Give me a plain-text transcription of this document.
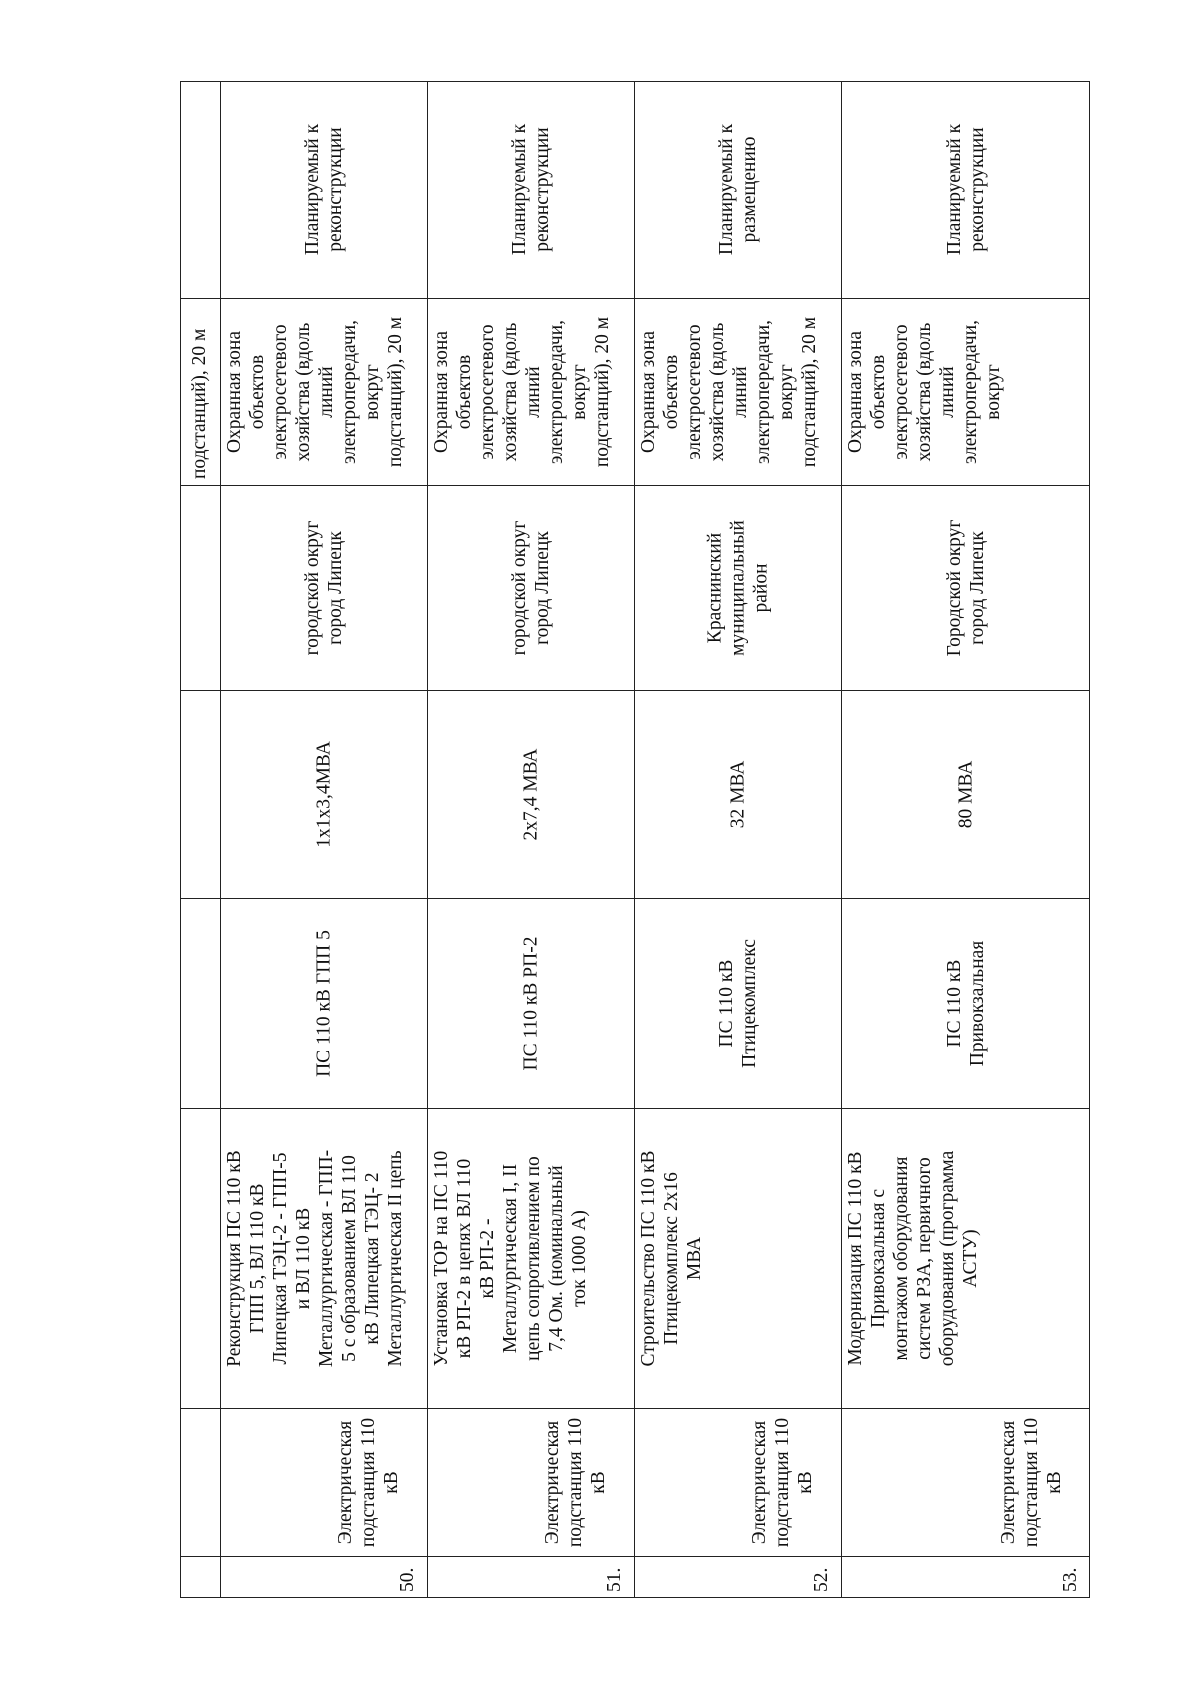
подстанций), 20 м
50.
Электрическая подстанция 110 кВ
Реконструкция ПС 110 кВ ГПП 5, ВЛ 110 кВ Липецкая ТЭЦ-2 - ГПП-5 и ВЛ 110 кВ Металлургическая - ГПП- 5 с образованием ВЛ 110 кВ Липецкая ТЭЦ- 2 Металлургическая II цепь
ПС 110 кВ ГПП 5
1х1х3,4МВА
городской округ город Липецк
Охранная зона объектов электросетевого хозяйства (вдоль линий электропередачи, вокруг подстанций), 20 м
Планируемый к реконструкции
51.
Электрическая подстанция 110 кВ
Установка ТОР на ПС 110 кВ РП-2 в цепях ВЛ 110 кВ РП-2 - Металлургическая I, II цепь сопротивлением по 7,4 Ом. (номинальный ток 1000 А)
ПС 110 кВ РП-2
2х7,4 МВА
городской округ город Липецк
Охранная зона объектов электросетевого хозяйства (вдоль линий электропередачи, вокруг подстанций), 20 м
Планируемый к реконструкции
52.
Электрическая подстанция 110 кВ
Строительство ПС 110 кВ Птицекомплекс 2х16 МВА
ПС 110 кВ Птицекомплекс
32 МВА
Краснинский муниципальный район
Охранная зона объектов электросетевого хозяйства (вдоль линий электропередачи, вокруг подстанций), 20 м
Планируемый к размещению
53.
Электрическая подстанция 110 кВ
Модернизация ПС 110 кВ Привокзальная с монтажом оборудования систем РЗА, первичного оборудования (программа АСТУ)
ПС 110 кВ Привокзальная
80 МВА
Городской округ город Липецк
Охранная зона объектов электросетевого хозяйства (вдоль линий электропередачи, вокруг
Планируемый к реконструкции
